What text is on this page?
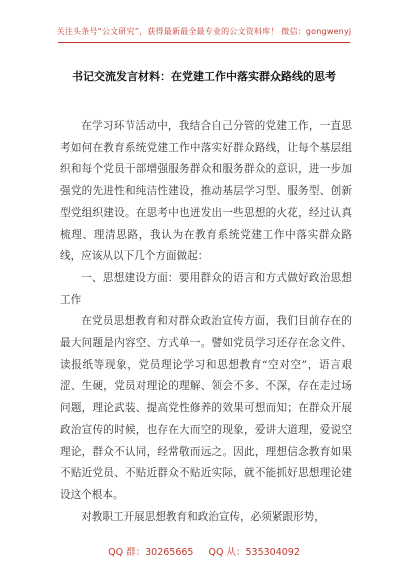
关注头条号“公文研究”，获得最新最全最专业的公文资料库！ 微信：gongwenyj
书记交流发言材料：在党建工作中落实群众路线的思考

在学习环节活动中，我结合自己分管的党建工作，一直思考如何在教育系统党建工作中落实好群众路线，让每个基层组织和每个党员干部增强服务群众和服务群众的意识，进一步加强党的先进性和纯洁性建设，推动基层学习型、服务型、创新型党组织建设。在思考中也迸发出一些思想的火花，经过认真梳理、理清思路，我认为在教育系统党建工作中落实群众路线，应该从以下几个方面做起：

一、思想建设方面：要用群众的语言和方式做好政治思想工作

在党员思想教育和对群众政治宣传方面，我们目前存在的最大问题是内容空、方式单一。譬如党员学习还存在念文件、读报纸等现象，党员理论学习和思想教育“空对空”，语言艰涩、生硬，党员对理论的理解、领会不多、不深，存在走过场问题，理论武装、提高党性修养的效果可想而知；在群众开展政治宣传的时候，也存在大而空的现象，爱讲大道理，爱说空理论，群众不认同，经常敬而远之。因此，理想信念教育如果不贴近党员、不贴近群众不贴近实际，就不能抓好思想理论建设这个根本。

对教职工开展思想教育和政治宣传，必须紧跟形势，

QQ 群：30265665 QQ 从：535304092
